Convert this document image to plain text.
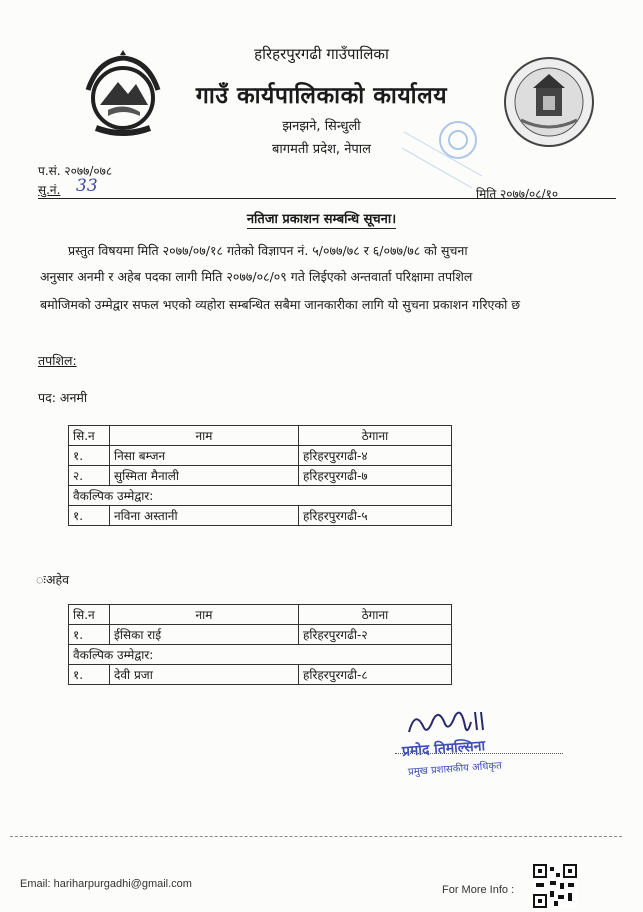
हरिहरपुरगढी गाउँपालिका
गाउँ कार्यपालिकाको कार्यालय
झनझने, सिन्धुली
बागमती प्रदेश, नेपाल
प.सं. २०७७/०७८
सु.नं. 33	मिति २०७७/०८/१०
नतिजा प्रकाशन सम्बन्धि सूचना।
प्रस्तुत विषयमा मिति २०७७/०७/१८ गतेको विज्ञापन नं. ५/०७७/७८ र ६/०७७/७८ को सुचना
अनुसार अनमी र अहेब पदका लागी मिति २०७७/०८/०९ गते लिईएको अन्तवार्ता परिक्षामा तपशिल
बमोजिमको उम्मेद्वार सफल भएको व्यहोरा सम्बन्धित सबैमा जानकारीका लागि यो सुचना प्रकाशन गरिएको छ
तपशिल:
पद: अनमी
सि.न	नाम	ठेगाना
१.	निसा बम्जन	हरिहरपुरगढी-४
२.	सुस्मिता मैनाली	हरिहरपुरगढी-७
वैकल्पिक उम्मेद्वार:		
१.	नविना अस्तानी	हरिहरपुरगढी-५
ःअहेव
सि.न	नाम	ठेगाना
१.	ईसिका राई	हरिहरपुरगढी-२
वैकल्पिक उम्मेद्वार:		
१.	देवी प्रजा	हरिहरपुरगढी-८
प्रमोद तिमल्सिना
प्रमुख प्रशासकीय अधिकृत
Email: hariharpurgadhi@gmail.com	For More Info :
